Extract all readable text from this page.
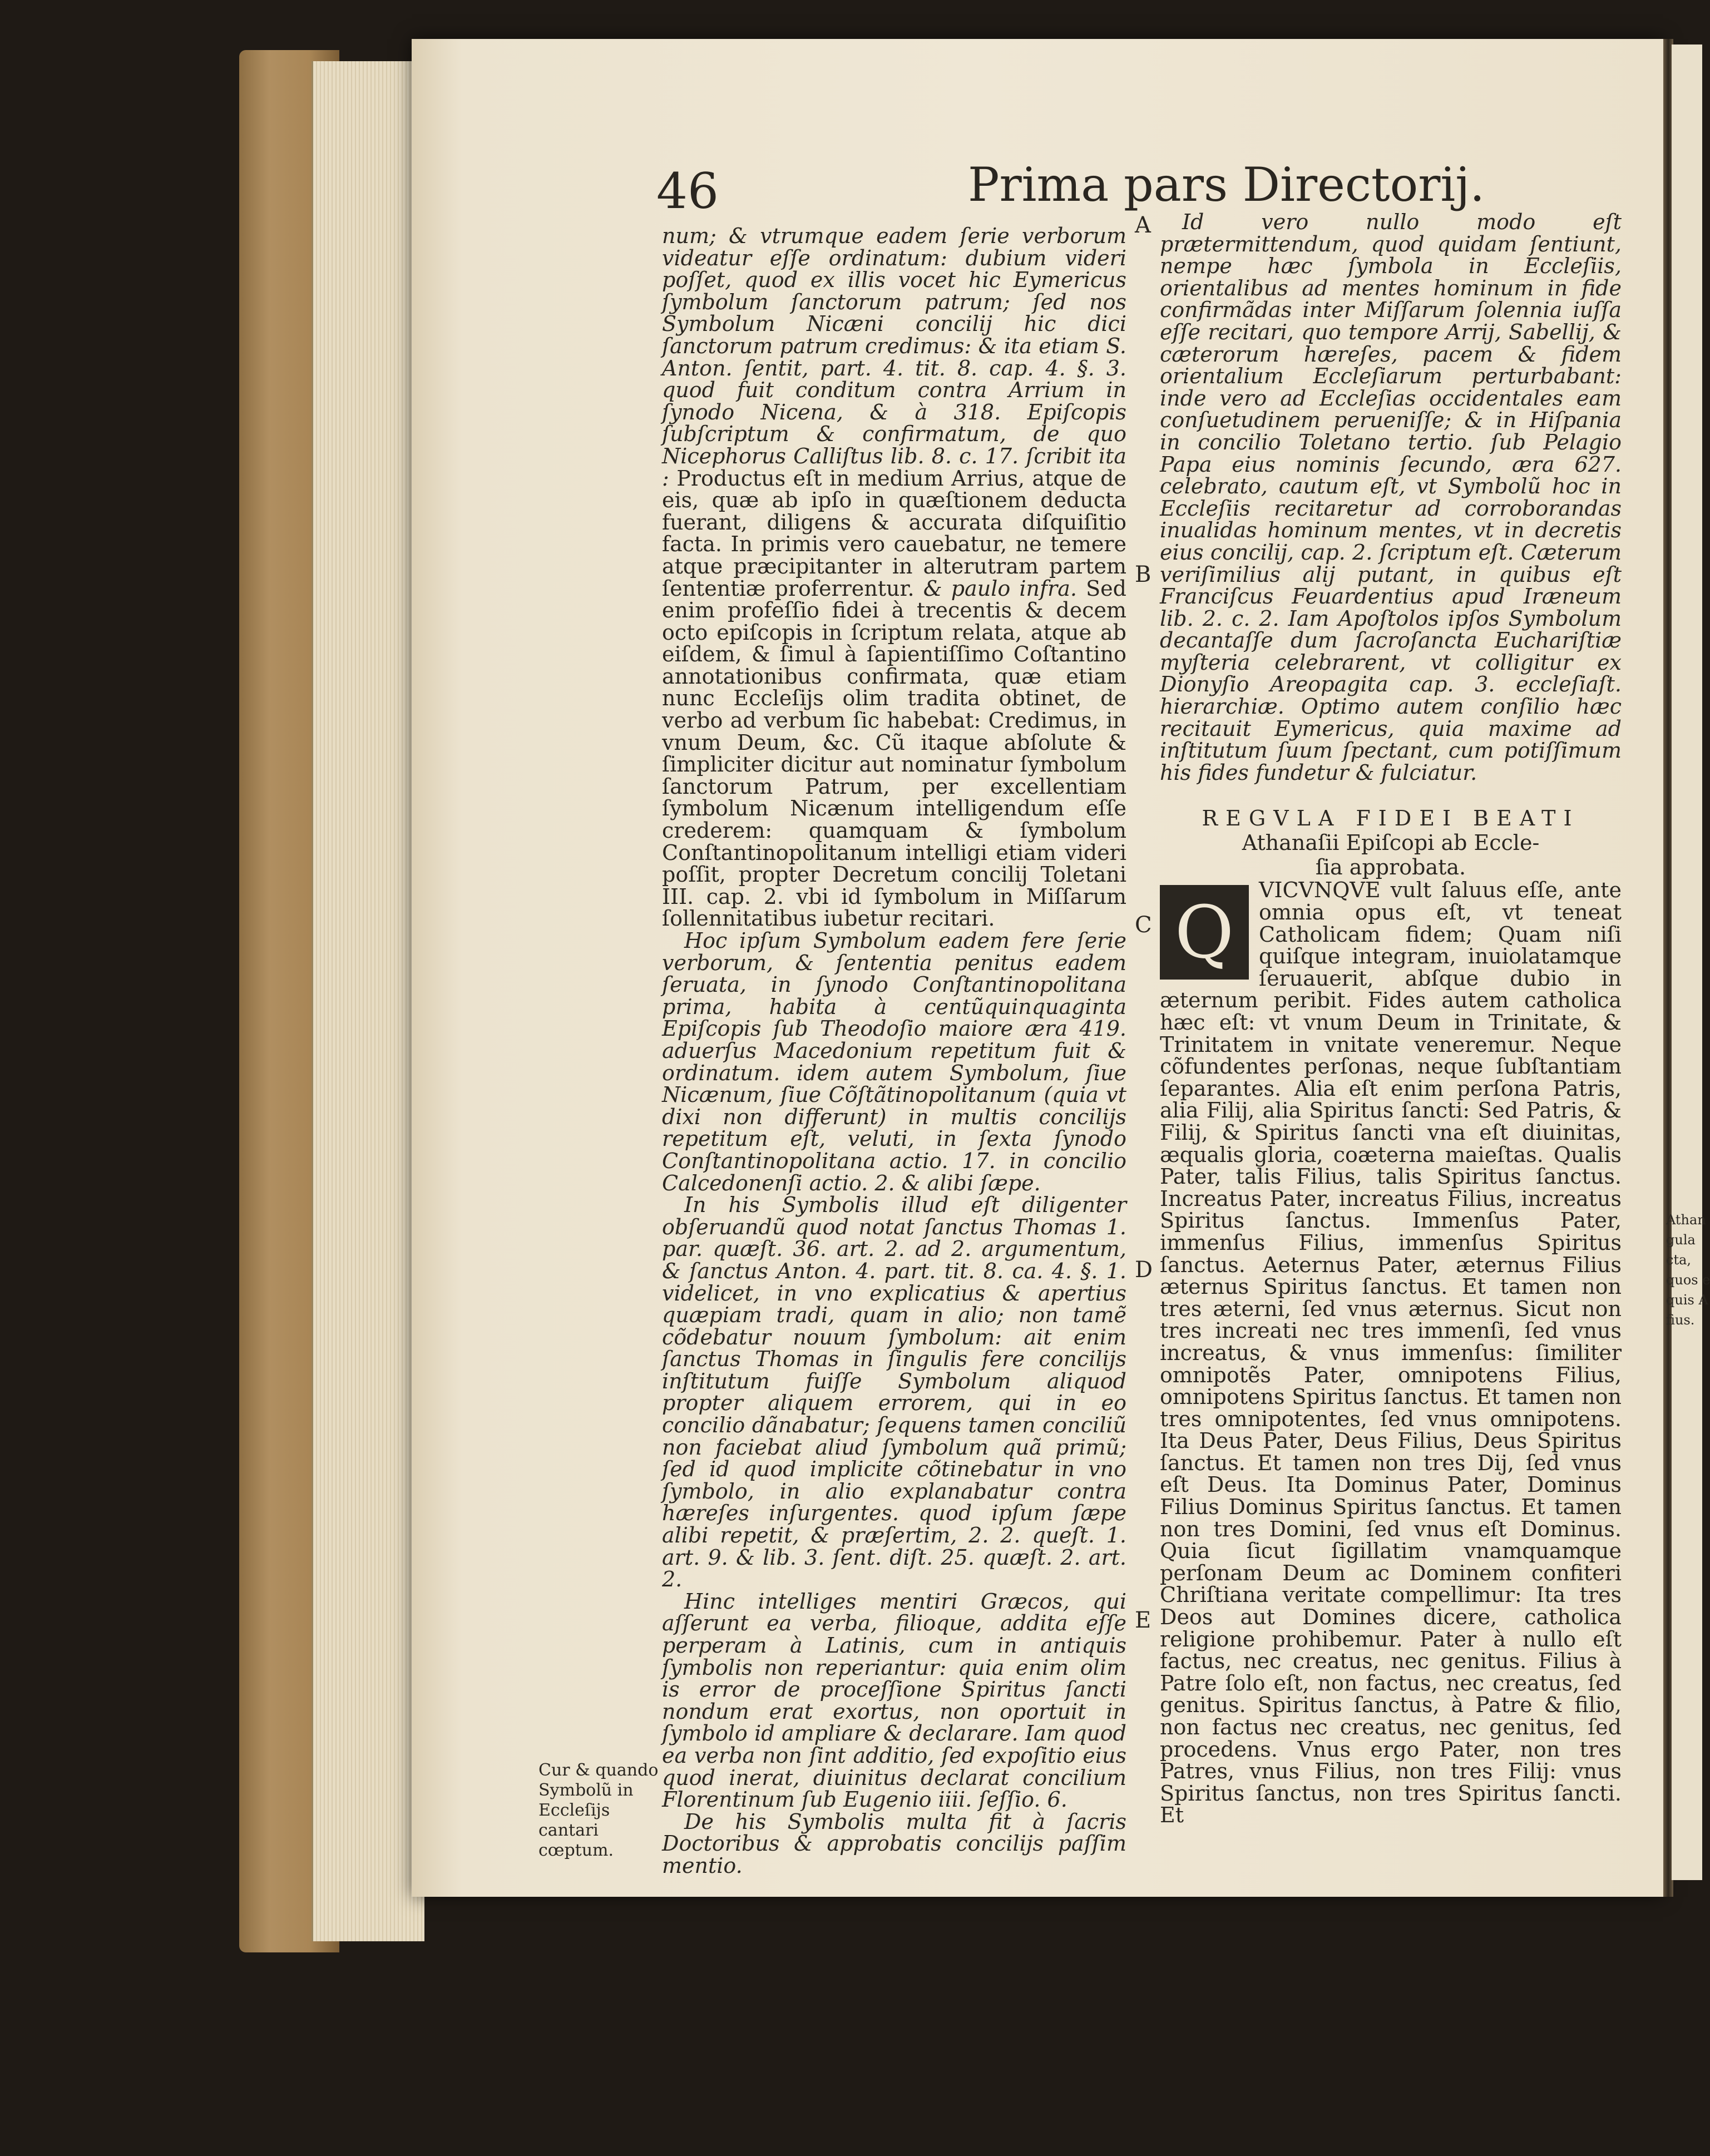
46	Prima pars Directorij.

num; & vtrumque eadem ſerie verborum videatur eſſe ordinatum: dubium videri poſſet, quod ex illis vocet hic Eymericus ſymbolum ſanctorum patrum; ſed nos Symbolum Nicæni concilij hic dici ſanctorum patrum credimus: & ita etiam S. Anton. ſentit, part. 4. tit. 8. cap. 4. §. 3. quod fuit conditum contra Arrium in ſynodo Nicena, & à 318. Epiſcopis ſubſcriptum & confirmatum, de quo Nicephorus Calliſtus lib. 8. c. 17. ſcribit ita : Productus eſt in medium Arrius, atque de eis, quæ ab ipſo in quæſtionem deducta fuerant, diligens & accurata diſquiſitio facta. In primis vero cauebatur, ne temere atque præcipitanter in alterutram partem ſententiæ proferrentur. & paulo infra. Sed enim profeſſio fidei à trecentis & decem octo epiſcopis in ſcriptum relata, atque ab eiſdem, & ſimul à ſapientiſſimo Coſtantino annotationibus confirmata, quæ etiam nunc Eccleſijs olim tradita obtinet, de verbo ad verbum ſic habebat: Credimus, in vnum Deum, &c. Cũ itaque abſolute & ſimpliciter dicitur aut nominatur ſymbolum ſanctorum Patrum, per excellentiam ſymbolum Nicænum intelligendum eſſe crederem: quamquam & ſymbolum Conſtantinopolitanum intelligi etiam videri poſſit, propter Decretum concilij Toletani III. cap. 2. vbi id ſymbolum in Miſſarum ſollennitatibus iubetur recitari.

Hoc ipſum Symbolum eadem fere ſerie verborum, & ſententia penitus eadem ſeruata, in ſynodo Conſtantinopolitana prima, habita à centũquinquaginta Epiſcopis ſub Theodoſio maiore æra 419. aduerſus Macedonium repetitum fuit & ordinatum. idem autem Symbolum, ſiue Nicænum, ſiue Cõſtãtinopolitanum (quia vt dixi non differunt) in multis concilijs repetitum eſt, veluti, in ſexta ſynodo Conſtantinopolitana actio. 17. in concilio Calcedonenſi actio. 2. & alibi ſæpe.

In his Symbolis illud eſt diligenter obſeruandũ quod notat ſanctus Thomas 1. par. quæſt. 36. art. 2. ad 2. argumentum, & ſanctus Anton. 4. part. tit. 8. ca. 4. §. 1. videlicet, in vno explicatius & apertius quæpiam tradi, quam in alio; non tamẽ cõdebatur nouum ſymbolum: ait enim ſanctus Thomas in ſingulis fere concilijs inſtitutum fuiſſe Symbolum aliquod propter aliquem errorem, qui in eo concilio dãnabatur; ſequens tamen conciliũ non faciebat aliud ſymbolum quã primũ; ſed id quod implicite cõtinebatur in vno ſymbolo, in alio explanabatur contra hæreſes inſurgentes. quod ipſum ſæpe alibi repetit, & præſertim, 2. 2. queſt. 1. art. 9. & lib. 3. ſent. diſt. 25. quæſt. 2. art. 2.

Hinc intelliges mentiri Græcos, qui aſſerunt ea verba, filioque, addita eſſe perperam à Latinis, cum in antiquis ſymbolis non reperiantur: quia enim olim is error de proceſſione Spiritus ſancti nondum erat exortus, non oportuit in ſymbolo id ampliare & declarare. Iam quod ea verba non ſint additio, ſed expoſitio eius quod inerat, diuinitus declarat concilium Florentinum ſub Eugenio iiii. ſeſſio. 6.

De his Symbolis multa fit à ſacris Doctoribus & approbatis concilijs paſſim mentio.

Cur & quando Symbolũ in Eccleſijs cantari cœptum.
A
B
C
D
E

Id vero nullo modo eſt prætermittendum, quod quidam ſentiunt, nempe hæc ſymbola in Eccleſiis, orientalibus ad mentes hominum in fide confirmãdas inter Miſſarum ſolennia iuſſa eſſe recitari, quo tempore Arrij, Sabellij, & cæterorum hæreſes, pacem & fidem orientalium Eccleſiarum perturbabant: inde vero ad Eccleſias occidentales eam conſuetudinem perueniſſe; & in Hiſpania in concilio Toletano tertio. ſub Pelagio Papa eius nominis ſecundo, æra 627. celebrato, cautum eſt, vt Symbolũ hoc in Eccleſiis recitaretur ad corroborandas inualidas hominum mentes, vt in decretis eius concilij, cap. 2. ſcriptum eſt. Cæterum veriſimilius alij putant, in quibus eſt Franciſcus Feuardentius apud Iræneum lib. 2. c. 2. Iam Apoſtolos ipſos Symbolum decantaſſe dum ſacroſancta Euchariſtiæ myſteria celebrarent, vt colligitur ex Dionyſio Areopagita cap. 3. eccleſiaſt. hierarchiæ. Optimo autem conſilio hæc recitauit Eymericus, quia maxime ad inſtitutum ſuum ſpectant, cum potiſſimum his fides fundetur & fulciatur.

REGVLA FIDEI BEATI
Athanaſii Epiſcopi ab Eccle-
ſia approbata.

Q	VICVNQVE vult ſaluus eſſe, ante omnia opus eſt, vt teneat Catholicam fidem; Quam niſi quiſque integram, inuiolatamque ſeruauerit, abſque dubio in æternum peribit. Fides autem catholica hæc eſt: vt vnum Deum in Trinitate, & Trinitatem in vnitate veneremur. Neque cõfundentes perſonas, neque ſubſtantiam ſeparantes. Alia eſt enim perſona Patris, alia Filij, alia Spiritus ſancti: Sed Patris, & Filij, & Spiritus ſancti vna eſt diuinitas, æqualis gloria, coæterna maieſtas. Qualis Pater, talis Filius, talis Spiritus ſanctus. Increatus Pater, increatus Filius, increatus Spiritus ſanctus. Immenſus Pater, immenſus Filius, immenſus Spiritus ſanctus. Aeternus Pater, æternus Filius æternus Spiritus ſanctus. Et tamen non tres æterni, ſed vnus æternus. Sicut non tres increati nec tres immenſi, ſed vnus increatus, & vnus immenſus: ſimiliter omnipotẽs Pater, omnipotens Filius, omnipotens Spiritus ſanctus. Et tamen non tres omnipotentes, ſed vnus omnipotens. Ita Deus Pater, Deus Filius, Deus Spiritus ſanctus. Et tamen non tres Dij, ſed vnus eſt Deus. Ita Dominus Pater, Dominus Filius Dominus Spiritus ſanctus. Et tamen non tres Domini, ſed vnus eſt Dominus. Quia ſicut ſigillatim vnamquamque perſonam Deum ac Dominem confiteri Chriſtiana veritate compellimur: Ita tres Deos aut Domines dicere, catholica religione prohibemur. Pater à nullo eſt factus, nec creatus, nec genitus. Filius à Patre ſolo eſt, non factus, nec creatus, ſed genitus. Spiritus ſanctus, à Patre & filio, non factus nec creatus, nec genitus, ſed procedens. Vnus ergo Pater, non tres Patres, vnus Filius, non tres Filij: vnus Spiritus ſanctus, non tres Spiritus ſancti. Et

Athan
gula
cta,
quos e
quis A
fius.
